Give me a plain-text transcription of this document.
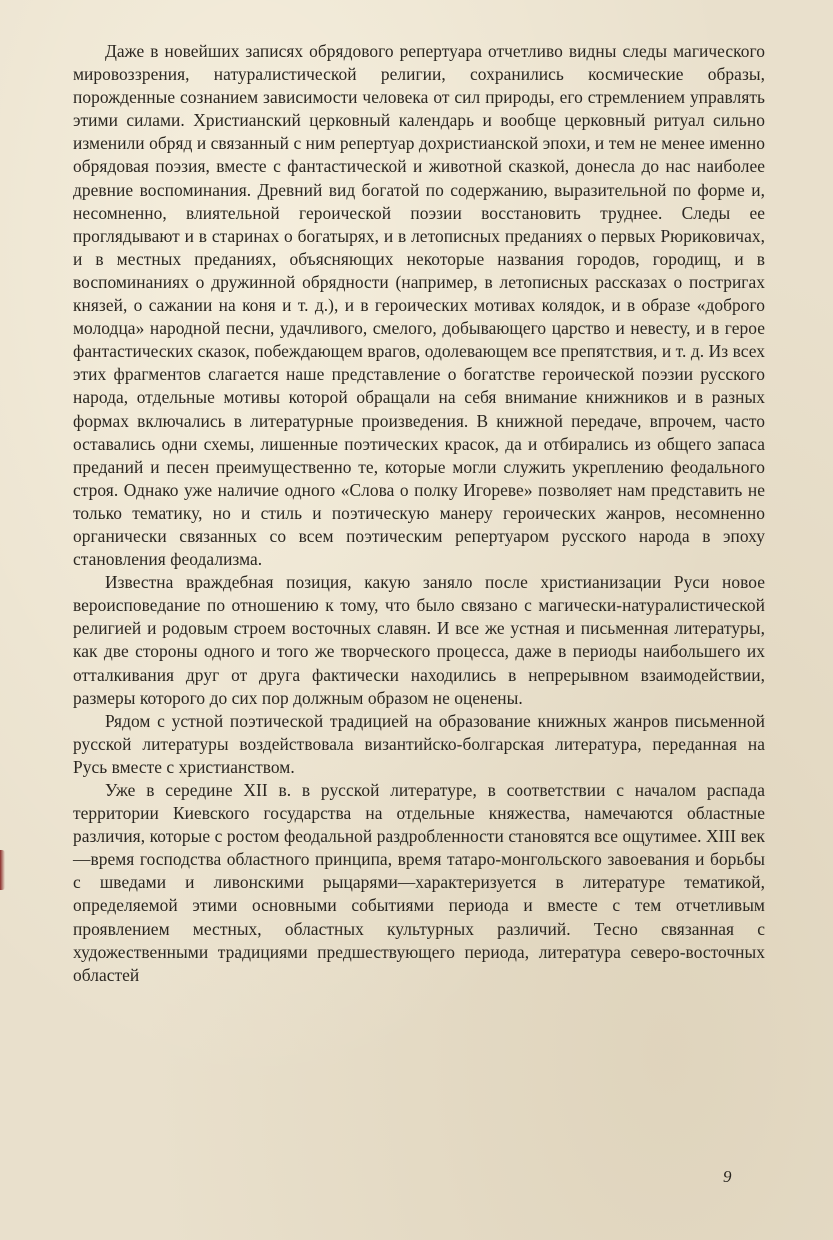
Даже в новейших записях обрядового репертуара отчетливо видны следы магического мировоззрения, натуралистической религии, сохранились космические образы, порожденные сознанием зависимости человека от сил природы, его стремлением управлять этими силами. Христианский церковный календарь и вообще церковный ритуал сильно изменили обряд и связанный с ним репертуар дохристианской эпохи, и тем не менее именно обрядовая поэзия, вместе с фантастической и животной сказкой, донесла до нас наиболее древние воспоминания. Древний вид богатой по содержанию, выразительной по форме и, несомненно, влиятельной героической поэзии восстановить труднее. Следы ее проглядывают и в старинах о богатырях, и в летописных преданиях о первых Рюриковичах, и в местных преданиях, объясняющих некоторые названия городов, городищ, и в воспоминаниях о дружинной обрядности (например, в летописных рассказах о постригах князей, о сажании на коня и т. д.), и в героических мотивах колядок, и в образе «доброго молодца» народной песни, удачливого, смелого, добывающего царство и невесту, и в герое фантастических сказок, побеждающем врагов, одолевающем все препятствия, и т. д. Из всех этих фрагментов слагается наше представление о богатстве героической поэзии русского народа, отдельные мотивы которой обращали на себя внимание книжников и в разных формах включались в литературные произведения. В книжной передаче, впрочем, часто оставались одни схемы, лишенные поэтических красок, да и отбирались из общего запаса преданий и песен преимущественно те, которые могли служить укреплению феодального строя. Однако уже наличие одного «Слова о полку Игореве» позволяет нам представить не только тематику, но и стиль и поэтическую манеру героических жанров, несомненно органически связанных со всем поэтическим репертуаром русского народа в эпоху становления феодализма.

Известна враждебная позиция, какую заняло после христианизации Руси новое вероисповедание по отношению к тому, что было связано с магически-натуралистической религией и родовым строем восточных славян. И все же устная и письменная литературы, как две стороны одного и того же творческого процесса, даже в периоды наибольшего их отталкивания друг от друга фактически находились в непрерывном взаимодействии, размеры которого до сих пор должным образом не оценены.

Рядом с устной поэтической традицией на образование книжных жанров письменной русской литературы воздействовала византийско-болгарская литература, переданная на Русь вместе с христианством.

Уже в середине XII в. в русской литературе, в соответствии с началом распада территории Киевского государства на отдельные княжества, намечаются областные различия, которые с ростом феодальной раздробленности становятся все ощутимее. XIII век—время господства областного принципа, время татаро-монгольского завоевания и борьбы с шведами и ливонскими рыцарями—характеризуется в литературе тематикой, определяемой этими основными событиями периода и вместе с тем отчетливым проявлением местных, областных культурных различий. Тесно связанная с художественными традициями предшествующего периода, литература северо-восточных областей

9
